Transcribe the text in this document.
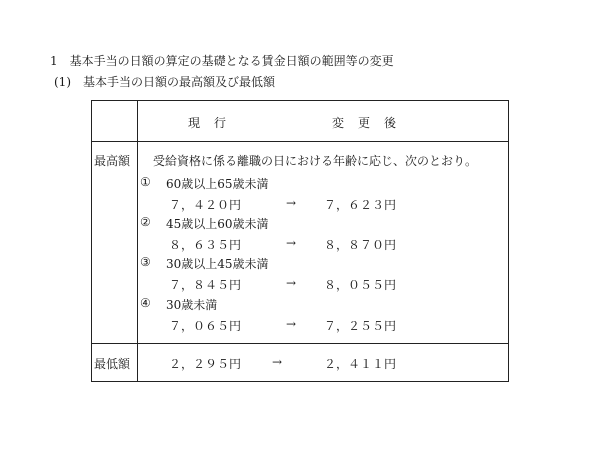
1　基本手当の日額の算定の基礎となる賃金日額の範囲等の変更
(1)　基本手当の日額の最高額及び最低額
現行	変更後
最高額 受給資格に係る離職の日における年齢に応じ、次のとおり。
① 60歳以上65歳未満
７，４２０円	→ ７，６２３円
② 45歳以上60歳未満
８，６３５円	→ ８，８７０円
③ 30歳以上45歳未満
７，８４５円	→ ８，０５５円
④ 30歳未満
７，０６５円	→ ７，２５５円
最低額	２，２９５円	→	２，４１１円
